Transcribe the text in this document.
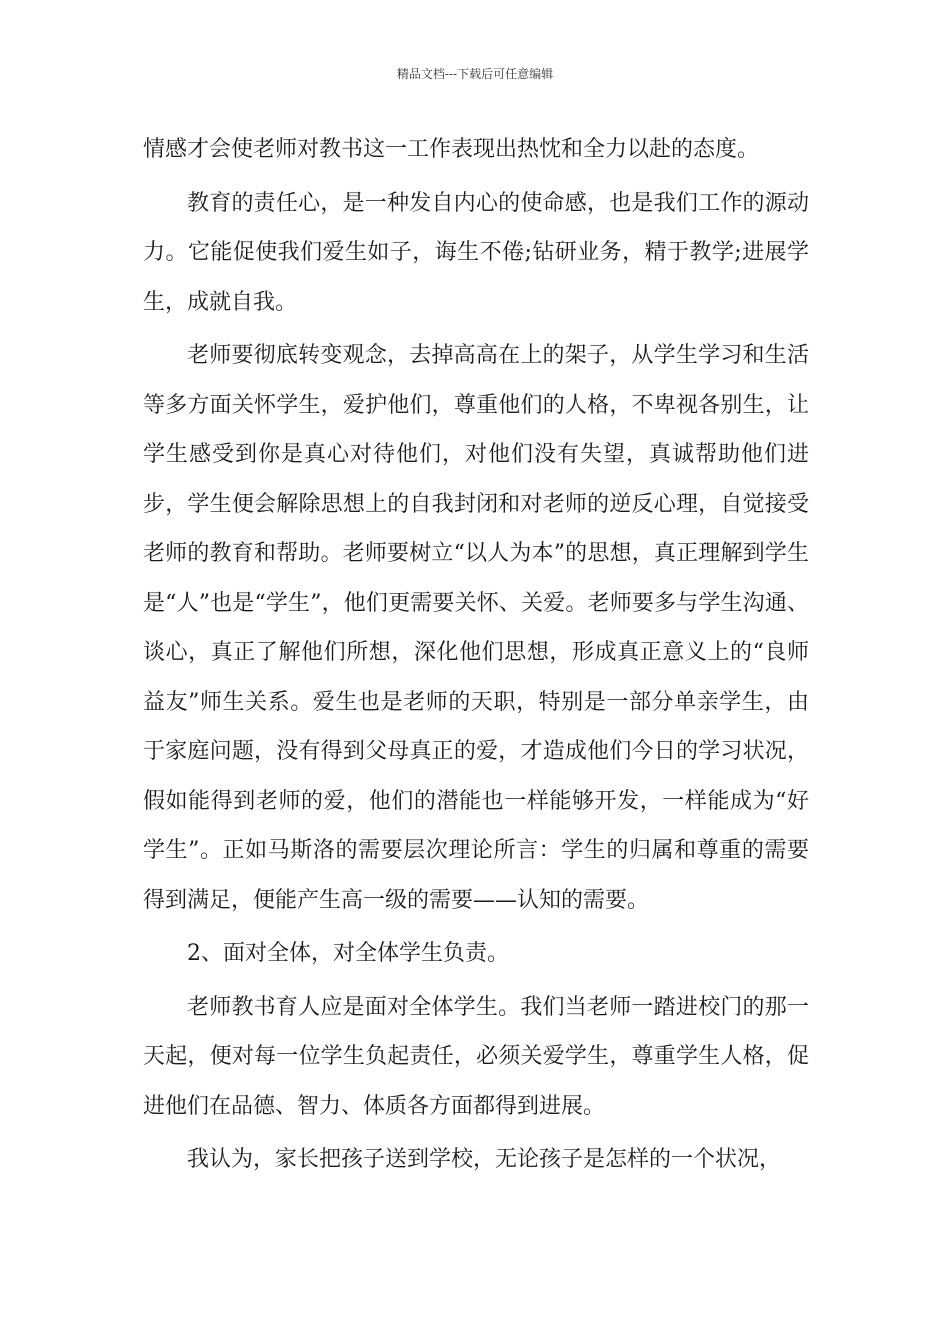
精品文档---下载后可任意编辑

情感才会使老师对教书这一工作表现出热忱和全力以赴的态度。

教育的责任心，是一种发自内心的使命感，也是我们工作的源动力。它能促使我们爱生如子，诲生不倦;钻研业务，精于教学;进展学生，成就自我。

老师要彻底转变观念，去掉高高在上的架子，从学生学习和生活等多方面关怀学生，爱护他们，尊重他们的人格，不卑视各别生，让学生感受到你是真心对待他们，对他们没有失望，真诚帮助他们进步，学生便会解除思想上的自我封闭和对老师的逆反心理，自觉接受老师的教育和帮助。老师要树立“以人为本”的思想，真正理解到学生是“人”也是“学生”，他们更需要关怀、关爱。老师要多与学生沟通、谈心，真正了解他们所想，深化他们思想，形成真正意义上的“良师益友”师生关系。爱生也是老师的天职，特别是一部分单亲学生，由于家庭问题，没有得到父母真正的爱，才造成他们今日的学习状况，假如能得到老师的爱，他们的潜能也一样能够开发，一样能成为“好学生”。正如马斯洛的需要层次理论所言：学生的归属和尊重的需要得到满足，便能产生高一级的需要——认知的需要。

2、面对全体，对全体学生负责。

老师教书育人应是面对全体学生。我们当老师一踏进校门的那一天起，便对每一位学生负起责任，必须关爱学生，尊重学生人格，促进他们在品德、智力、体质各方面都得到进展。

我认为，家长把孩子送到学校，无论孩子是怎样的一个状况，
